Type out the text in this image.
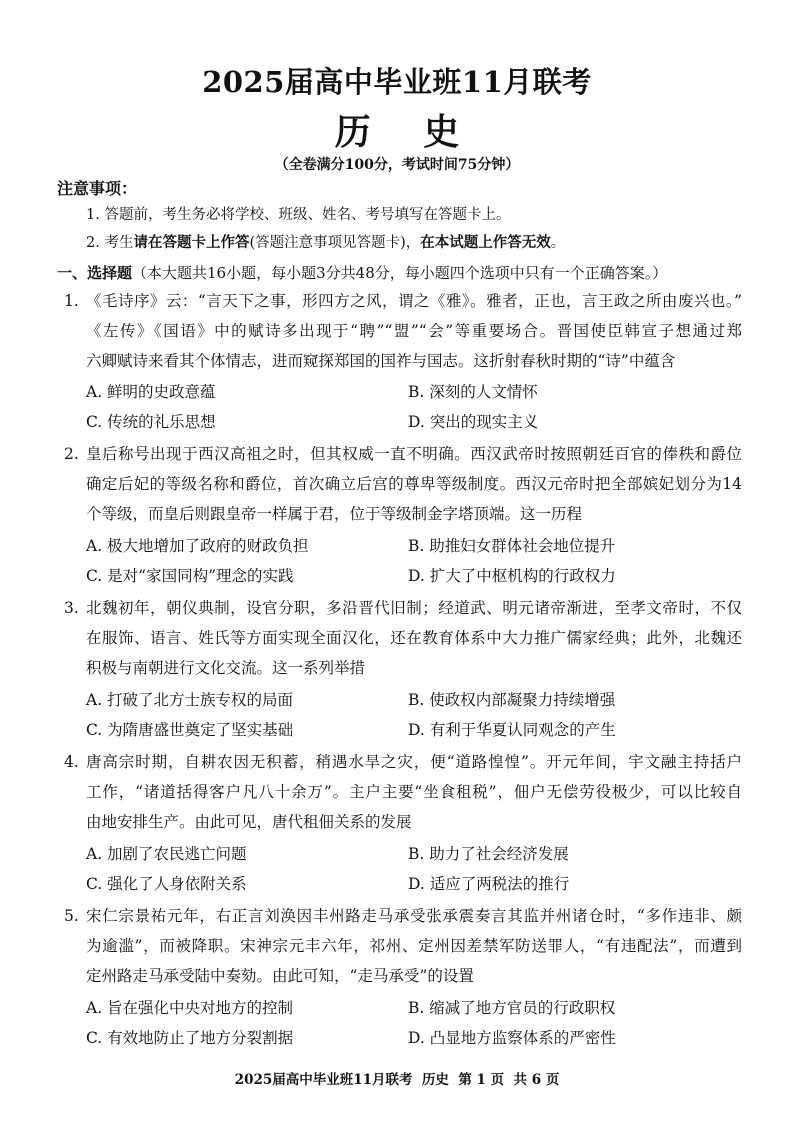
2025届高中毕业班11月联考
历 史
（全卷满分100分，考试时间75分钟）
注意事项：
1. 答题前，考生务必将学校、班级、姓名、考号填写在答题卡上。
2. 考生请在答题卡上作答(答题注意事项见答题卡)，在本试题上作答无效。
一、选择题（本大题共16小题，每小题3分共48分，每小题四个选项中只有一个正确答案。）
1. 《毛诗序》云：“言天下之事，形四方之风，谓之《雅》。雅者，正也，言王政之所由废兴也。”
《左传》《国语》中的赋诗多出现于“聘”“盟”“会”等重要场合。晋国使臣韩宣子想通过郑
六卿赋诗来看其个体情志，进而窥探郑国的国祚与国志。这折射春秋时期的“诗”中蕴含
A. 鲜明的史政意蕴	B. 深刻的人文情怀
C. 传统的礼乐思想	D. 突出的现实主义
2. 皇后称号出现于西汉高祖之时，但其权威一直不明确。西汉武帝时按照朝廷百官的俸秩和爵位
确定后妃的等级名称和爵位，首次确立后宫的尊卑等级制度。西汉元帝时把全部嫔妃划分为14
个等级，而皇后则跟皇帝一样属于君，位于等级制金字塔顶端。这一历程
A. 极大地增加了政府的财政负担	B. 助推妇女群体社会地位提升
C. 是对“家国同构”理念的实践	D. 扩大了中枢机构的行政权力
3. 北魏初年，朝仪典制，设官分职，多沿晋代旧制；经道武、明元诸帝渐进，至孝文帝时，不仅
在服饰、语言、姓氏等方面实现全面汉化，还在教育体系中大力推广儒家经典；此外，北魏还
积极与南朝进行文化交流。这一系列举措
A. 打破了北方士族专权的局面	B. 使政权内部凝聚力持续增强
C. 为隋唐盛世奠定了坚实基础	D. 有利于华夏认同观念的产生
4. 唐高宗时期，自耕农因无积蓄，稍遇水旱之灾，便“道路惶惶”。开元年间，宇文融主持括户
工作，“诸道括得客户凡八十余万”。主户主要“坐食租税”，佃户无偿劳役极少，可以比较自
由地安排生产。由此可见，唐代租佃关系的发展
A. 加剧了农民逃亡问题	B. 助力了社会经济发展
C. 强化了人身依附关系	D. 适应了两税法的推行
5. 宋仁宗景祐元年，右正言刘涣因丰州路走马承受张承震奏言其监并州诸仓时，“多作违非、颇
为逾滥”，而被降职。宋神宗元丰六年，祁州、定州因差禁军防送罪人，“有违配法”，而遭到
定州路走马承受陆中奏劾。由此可知，“走马承受”的设置
A. 旨在强化中央对地方的控制	B. 缩减了地方官员的行政职权
C. 有效地防止了地方分裂割据	D. 凸显地方监察体系的严密性
2025届高中毕业班11月联考  历史  第 1 页  共 6 页
